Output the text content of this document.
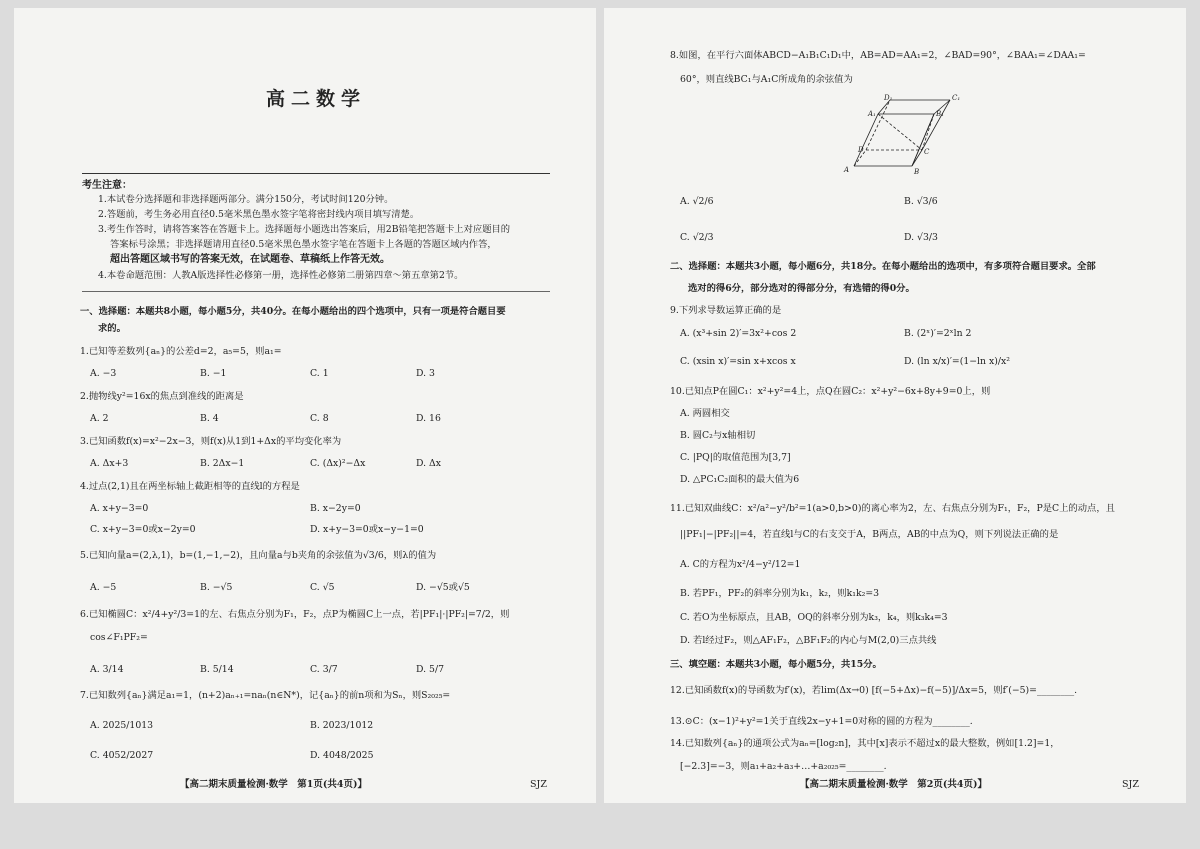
高二数学
考生注意：
1.本试卷分选择题和非选择题两部分。满分150分，考试时间120分钟。
2.答题前，考生务必用直径0.5毫米黑色墨水签字笔将密封线内项目填写清楚。
3.考生作答时，请将答案答在答题卡上。选择题每小题选出答案后，用2B铅笔把答题卡上对应题目的
答案标号涂黑；非选择题请用直径0.5毫米黑色墨水签字笔在答题卡上各题的答题区域内作答，
超出答题区域书写的答案无效，在试题卷、草稿纸上作答无效。
4.本卷命题范围：人教A版选择性必修第一册，选择性必修第二册第四章～第五章第2节。
一、选择题：本题共8小题，每小题5分，共40分。在每小题给出的四个选项中，只有一项是符合题目要
求的。
1.已知等差数列{aₙ}的公差d=2，a₅=5，则a₁=
A. −3	B. −1	C. 1	D. 3
2.抛物线y²=16x的焦点到准线的距离是
A. 2	B. 4	C. 8	D. 16
3.已知函数f(x)=x²−2x−3，则f(x)从1到1+Δx的平均变化率为
A. Δx+3	B. 2Δx−1	C. (Δx)²−Δx	D. Δx
4.过点(2,1)且在两坐标轴上截距相等的直线l的方程是
A. x+y−3=0	B. x−2y=0
C. x+y−3=0或x−2y=0	D. x+y−3=0或x−y−1=0
5.已知向量a=(2,λ,1)，b=(1,−1,−2)，且向量a与b夹角的余弦值为√3/6，则λ的值为
A. −5	B. −√5	C. √5	D. −√5或√5
6.已知椭圆C：x²/4+y²/3=1的左、右焦点分别为F₁，F₂，点P为椭圆C上一点，若|PF₁|·|PF₂|=7/2，则
cos∠F₁PF₂=
A. 3/14	B. 5/14	C. 3/7	D. 5/7
7.已知数列{aₙ}满足a₁=1，(n+2)aₙ₊₁=naₙ(n∈N*)，记{aₙ}的前n项和为Sₙ，则S₂₀₂₅=
A. 2025/1013	B. 2023/1012
C. 4052/2027	D. 4048/2025
【高二期末质量检测·数学　第1页(共4页)】	SJZ
8.如图，在平行六面体ABCD−A₁B₁C₁D₁中，AB=AD=AA₁=2，∠BAD=90°，∠BAA₁=∠DAA₁=
60°，则直线BC₁与A₁C所成角的余弦值为
D₁	C₁
A₁	B₁
D	C
A	B
A. √2/6	B. √3/6
C. √2/3	D. √3/3
二、选择题：本题共3小题，每小题6分，共18分。在每小题给出的选项中，有多项符合题目要求。全部
选对的得6分，部分选对的得部分分，有选错的得0分。
9.下列求导数运算正确的是
A. (x³+sin 2)′=3x²+cos 2	B. (2ˣ)′=2ˣln 2
C. (xsin x)′=sin x+xcos x	D. (ln x/x)′=(1−ln x)/x²
10.已知点P在圆C₁：x²+y²=4上，点Q在圆C₂：x²+y²−6x+8y+9=0上，则
A. 两圆相交
B. 圆C₂与x轴相切
C. |PQ|的取值范围为[3,7]
D. △PC₁C₂面积的最大值为6
11.已知双曲线C：x²/a²−y²/b²=1(a>0,b>0)的离心率为2，左、右焦点分别为F₁，F₂，P是C上的动点，且
||PF₁|−|PF₂||=4，若直线l与C的右支交于A，B两点，AB的中点为Q，则下列说法正确的是
A. C的方程为x²/4−y²/12=1
B. 若PF₁，PF₂的斜率分别为k₁，k₂，则k₁k₂=3
C. 若O为坐标原点，且AB，OQ的斜率分别为k₃，k₄，则k₃k₄=3
D. 若l经过F₂，则△AF₁F₂，△BF₁F₂的内心与M(2,0)三点共线
三、填空题：本题共3小题，每小题5分，共15分。
12.已知函数f(x)的导函数为f′(x)，若lim(Δx→0) [f(−5+Δx)−f(−5)]/Δx=5，则f′(−5)=________.
13.⊙C：(x−1)²+y²=1关于直线2x−y+1=0对称的圆的方程为________.
14.已知数列{aₙ}的通项公式为aₙ=[log₂n]，其中[x]表示不超过x的最大整数，例如[1.2]=1，
[−2.3]=−3，则a₁+a₂+a₃+…+a₂₀₂₅=________.
【高二期末质量检测·数学　第2页(共4页)】	SJZ
